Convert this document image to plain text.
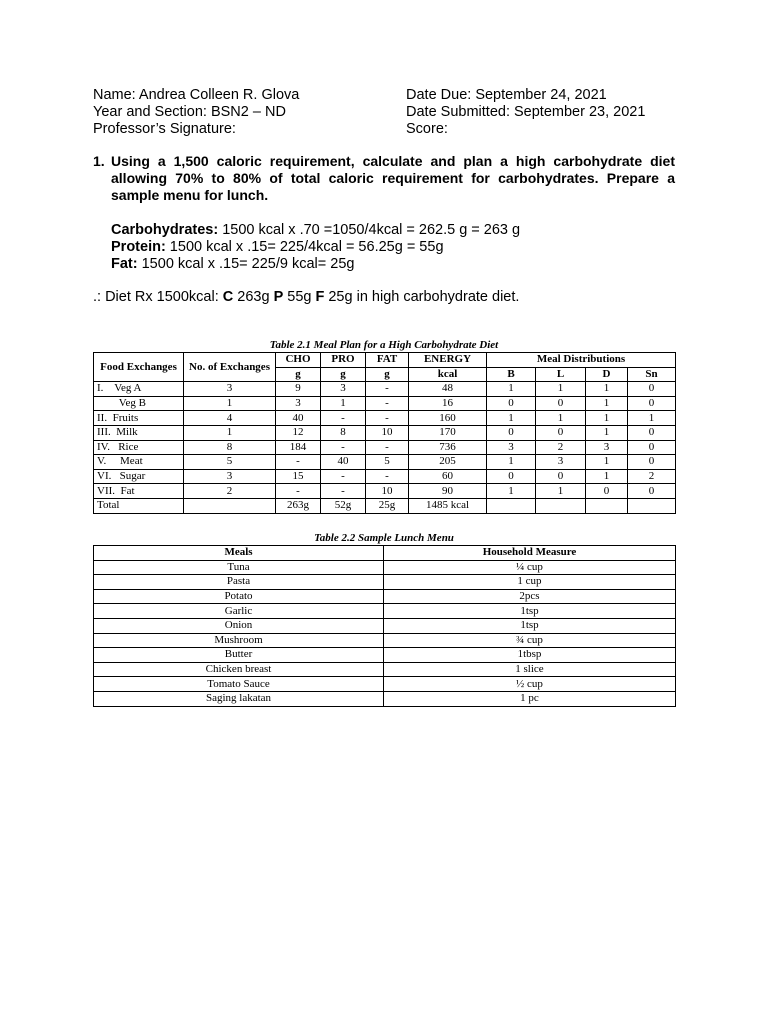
Name: Andrea Colleen R. Glova
Year and Section: BSN2 – ND
Professor’s Signature:
Date Due: September 24, 2021
Date Submitted: September 23, 2021
Score:
1. Using a 1,500 caloric requirement, calculate and plan a high carbohydrate diet allowing 70% to 80% of total caloric requirement for carbohydrates. Prepare a sample menu for lunch.
Carbohydrates: 1500 kcal x .70 =1050/4kcal = 262.5 g = 263 g
Protein: 1500 kcal x .15= 225/4kcal = 56.25g = 55g
Fat: 1500 kcal x .15= 225/9 kcal= 25g
.: Diet Rx 1500kcal: C 263g P 55g F 25g in high carbohydrate diet.
Table 2.1 Meal Plan for a High Carbohydrate Diet
Food Exchanges	No. of Exchanges	CHO	PRO	FAT	ENERGY	Meal Distributions			
		g	g	g	kcal	B	L	D	Sn
I.    Veg A	3	9	3	-	48	1	1	1	0
Veg B	1	3	1	-	16	0	0	1	0
II.  Fruits	4	40	-	-	160	1	1	1	1
III.  Milk	1	12	8	10	170	0	0	1	0
IV.   Rice	8	184	-	-	736	3	2	3	0
V.     Meat	5	-	40	5	205	1	3	1	0
VI.   Sugar	3	15	-	-	60	0	0	1	2
VII.  Fat	2	-	-	10	90	1	1	0	0
Total		263g	52g	25g	1485 kcal				
Table 2.2 Sample Lunch Menu
Meals	Household Measure
Tuna	¼ cup
Pasta	1 cup
Potato	2pcs
Garlic	1tsp
Onion	1tsp
Mushroom	¾ cup
Butter	1tbsp
Chicken breast	1 slice
Tomato Sauce	½ cup
Saging lakatan	1 pc
